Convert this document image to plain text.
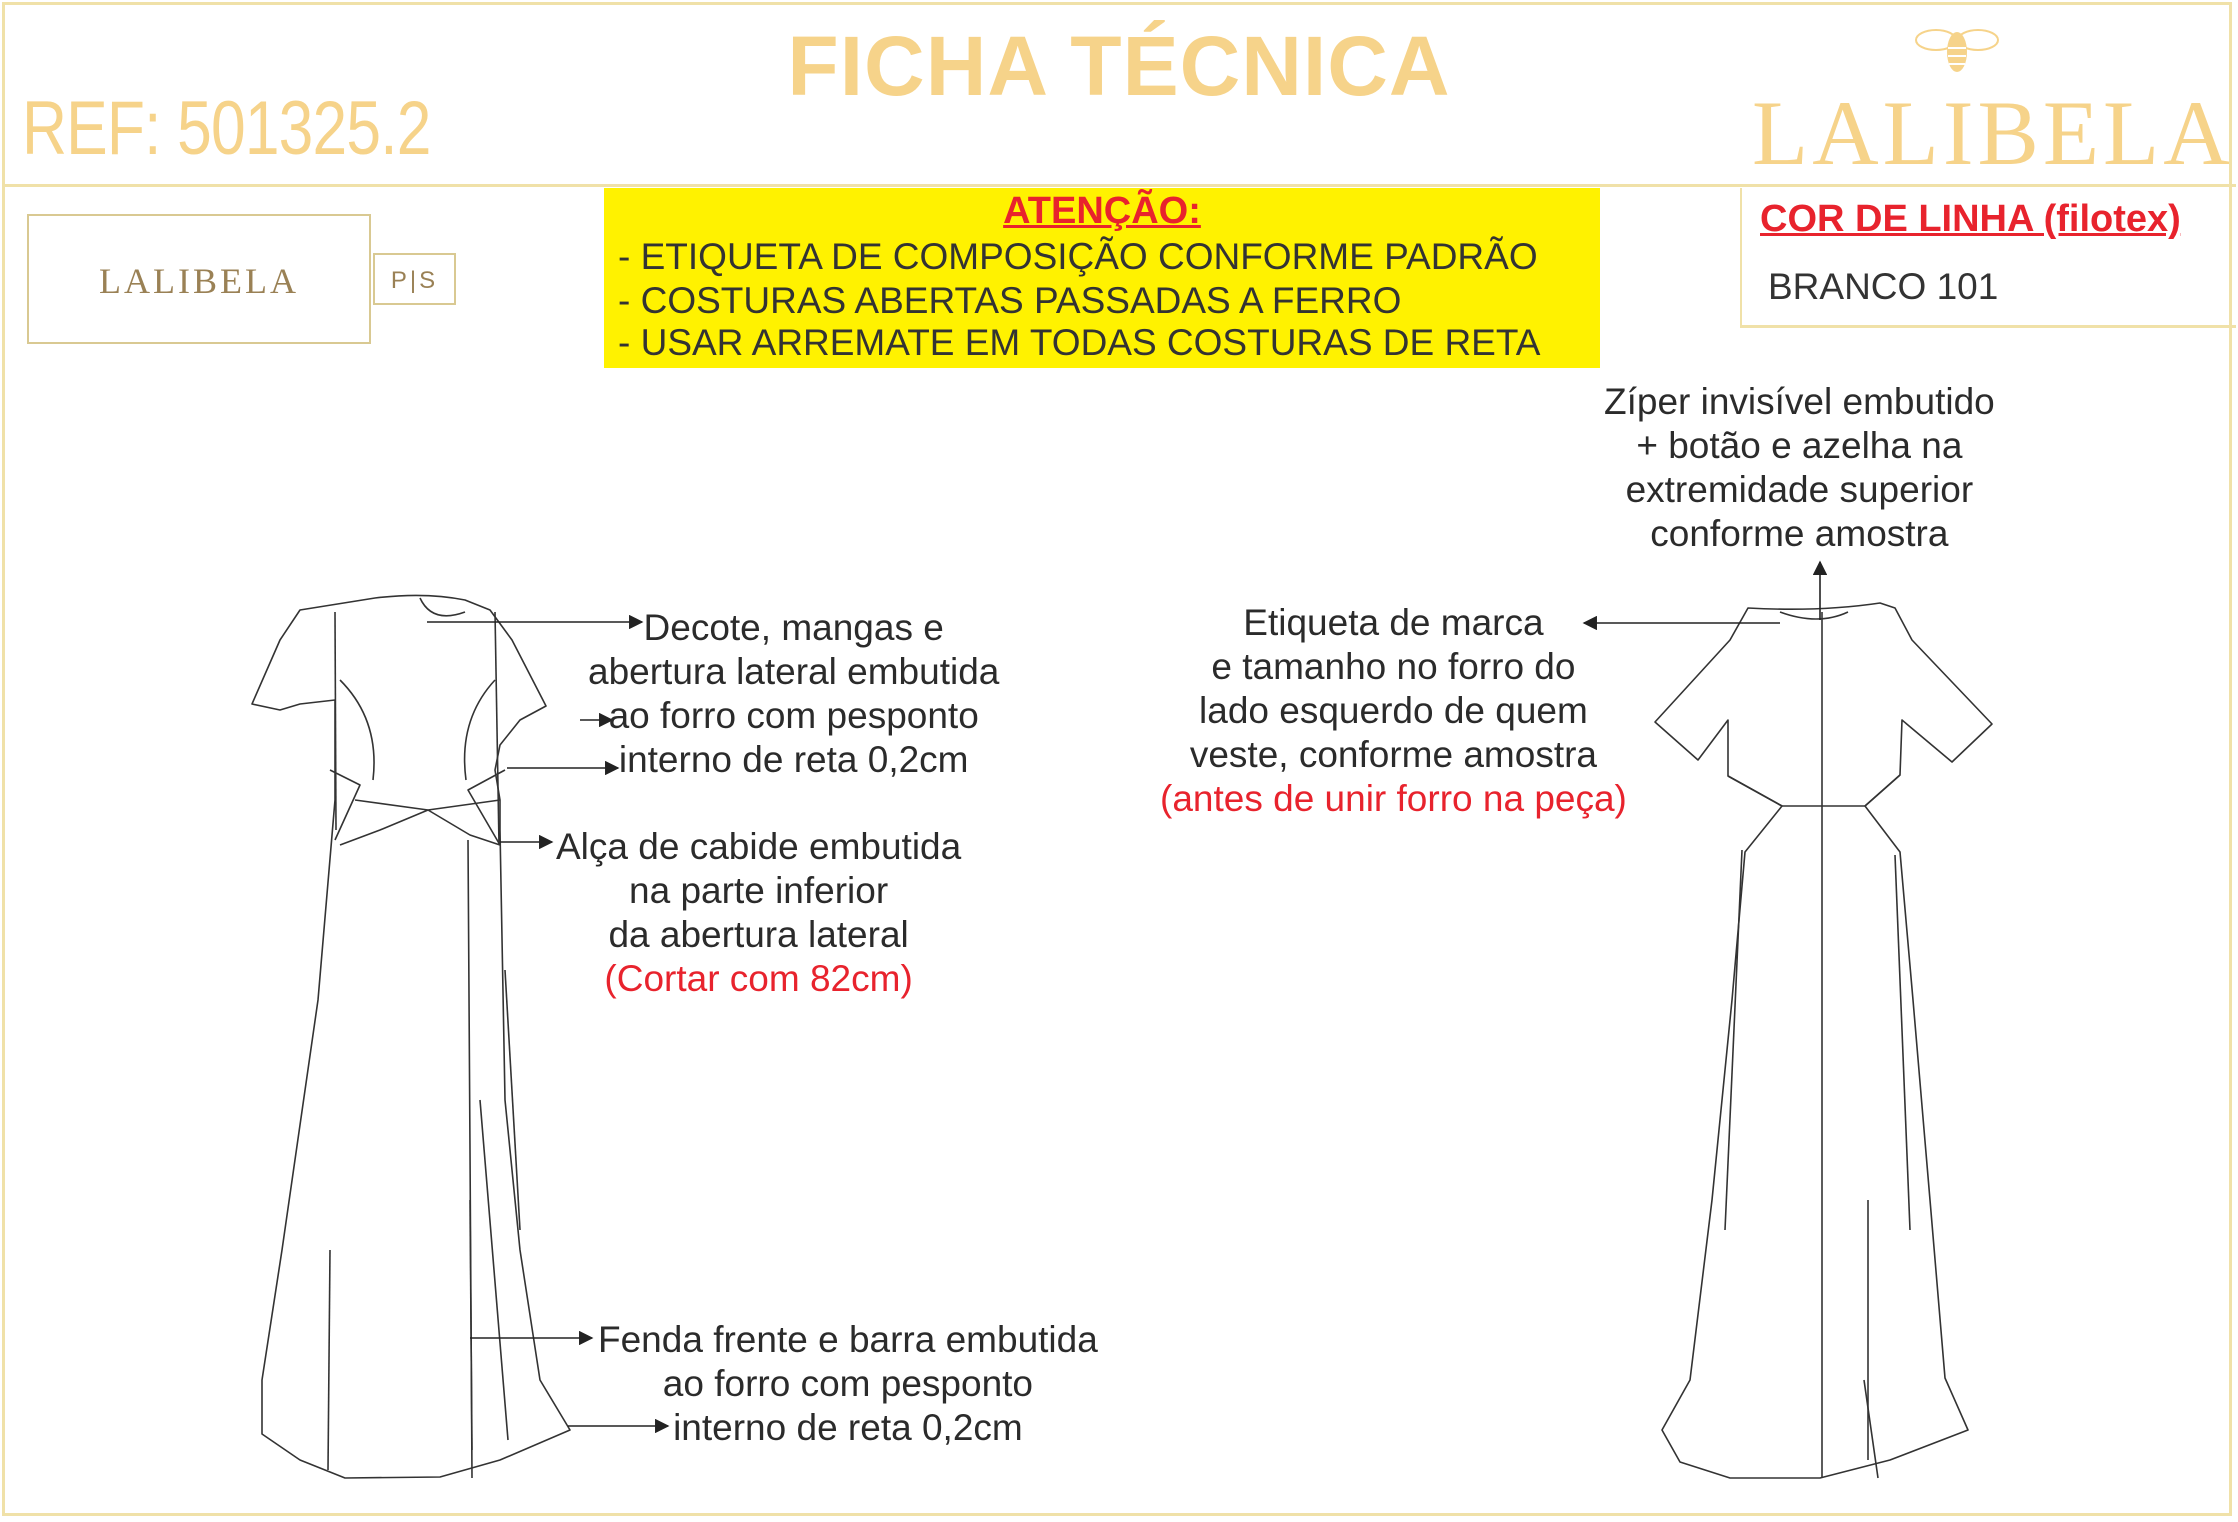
FICHA TÉCNICA
REF: 501325.2	LALIBELA
LALIBELA	P|S
ATENÇÃO:
- ETIQUETA DE COMPOSIÇÃO CONFORME PADRÃO
- COSTURAS ABERTAS PASSADAS A FERRO
- USAR ARREMATE EM TODAS COSTURAS DE RETA
COR DE LINHA (filotex)
BRANCO 101
Decote, mangas e
abertura lateral embutida
ao forro com pesponto
interno de reta 0,2cm
Alça de cabide embutida
na parte inferior
da abertura lateral
(Cortar com 82cm)
Fenda frente e barra embutida
ao forro com pesponto
interno de reta 0,2cm
Zíper invisível embutido
+ botão e azelha na
extremidade superior
conforme amostra
Etiqueta de marca
e tamanho no forro do
lado esquerdo de quem
veste, conforme amostra
(antes de unir forro na peça)
